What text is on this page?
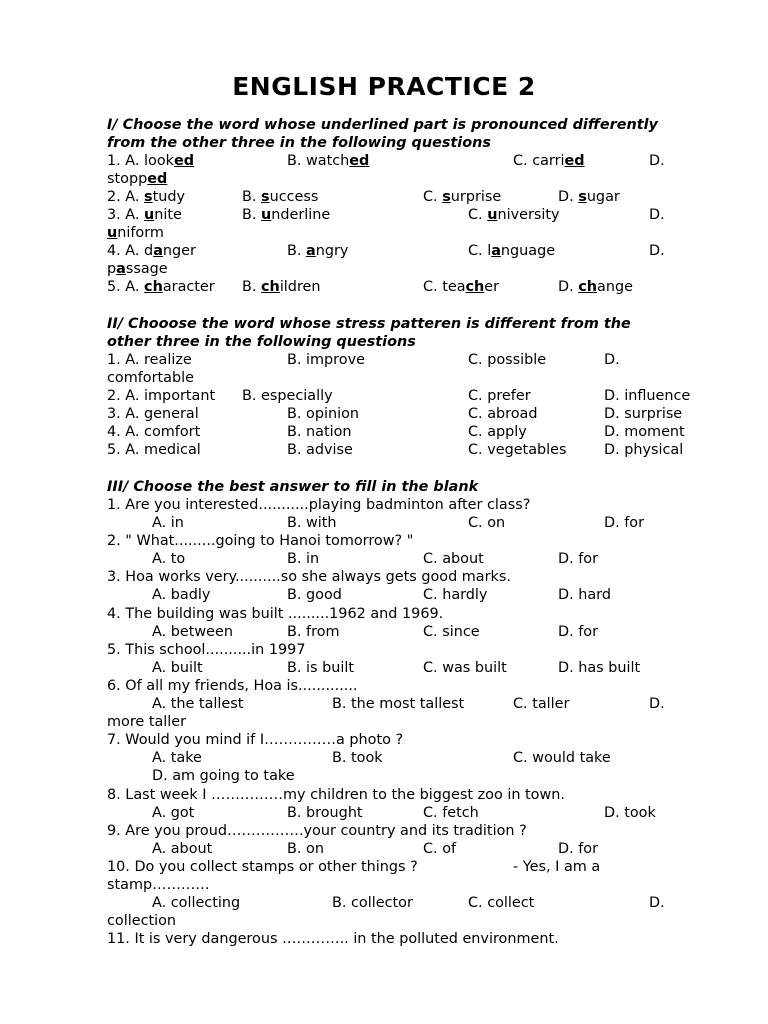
ENGLISH PRACTICE 2
I/ Choose the word whose underlined part is pronounced differently
from the other three in the following questions
1. A. looked	B. watched	C. carried	D.
stopped
2. A. study	B. success	C. surprise	D. sugar
3. A. unite	B. underline	C. university	D.
uniform
4. A. danger	B. angry	C. language	D.
passage
5. A. character B. children	C. teacher	D. change
II/ Chooose the word whose stress patteren is different from the
other three in the following questions
1. A. realize	B. improve	C. possible	D.
comfortable
2. A. important B. especially	C. prefer	D. influence
3. A. general	B. opinion	C. abroad	D. surprise
4. A. comfort	B. nation	C. apply	D. moment
5. A. medical	B. advise	C. vegetables	D. physical
III/ Choose the best answer to fill in the blank
1. Are you interested...........playing badminton after class?
A. in	B. with	C. on	D. for
2. " What.........going to Hanoi tomorrow? "
A. to	B. in	C. about	D. for
3. Hoa works very..........so she always gets good marks.
A. badly	B. good	C. hardly	D. hard
4. The building was built .........1962 and 1969.
A. between	B. from	C. since	D. for
5. This school..........in 1997
A. built	B. is built	C. was built	D. has built
6. Of all my friends, Hoa is.............
A. the tallest	B. the most tallest	C. taller	D.
more taller
7. Would you mind if I……………a photo ?
A. take	B. took	C. would take
D. am going to take
8. Last week I ……………my children to the biggest zoo in town.
A. got	B. brought	C. fetch	D. took
9. Are you proud…………….your country and its tradition ?
A. about	B. on	C. of	D. for
10. Do you collect stamps or other things ?	- Yes, I am a
stamp…………
A. collecting	B. collector	C. collect	D.
collection
11. It is very dangerous ………….. in the polluted environment.
